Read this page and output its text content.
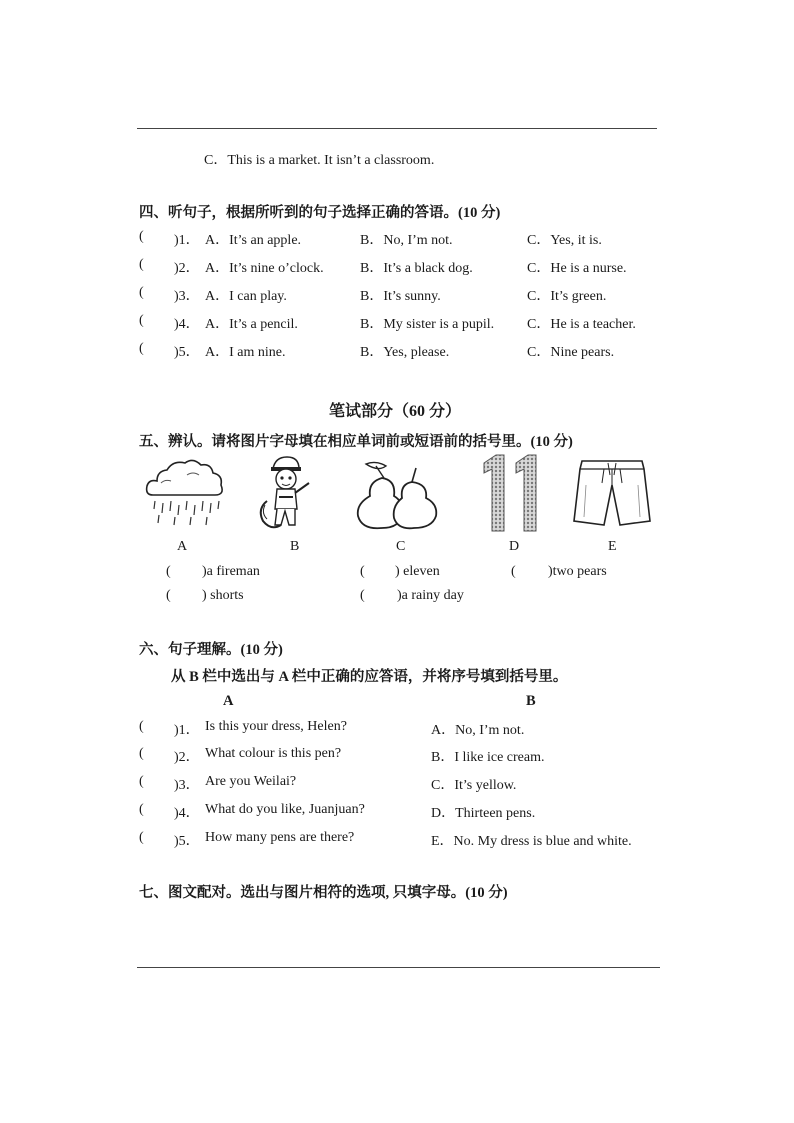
C．This is a market. It isn’t a classroom.
四、听句子，根据所听到的句子选择正确的答语。(10 分)
( )1． A．It’s an apple.	B．No, I’m not.	C．Yes, it is.
( )2． A．It’s nine o’clock.	B．It’s a black dog.	C．He is a nurse.
( )3． A．I can play.	B．It’s sunny.	C．It’s green.
( )4． A．It’s a pencil.	B．My sister is a pupil. C．He is a teacher.
( )5． A．I am nine.	B．Yes, please.	C．Nine pears.
笔试部分（60 分）
五、辨认。请将图片字母填在相应单词前或短语前的括号里。(10 分)
A	B	C	D	E
( )a fireman	( ) eleven	( )two pears
( ) shorts	( )a rainy day
六、句子理解。(10 分)
从 B 栏中选出与 A 栏中正确的应答语，并将序号填到括号里。
A	B
( )1． Is this your dress, Helen?	A．No, I’m not.
( )2． What colour is this pen?	B．I like ice cream.
( )3． Are you Weilai?	C．It’s yellow.
( )4． What do you like, Juanjuan?	D．Thirteen pens.
( )5． How many pens are there?	E．No. My dress is blue and white.
七、图文配对。选出与图片相符的选项, 只填字母。(10 分)
